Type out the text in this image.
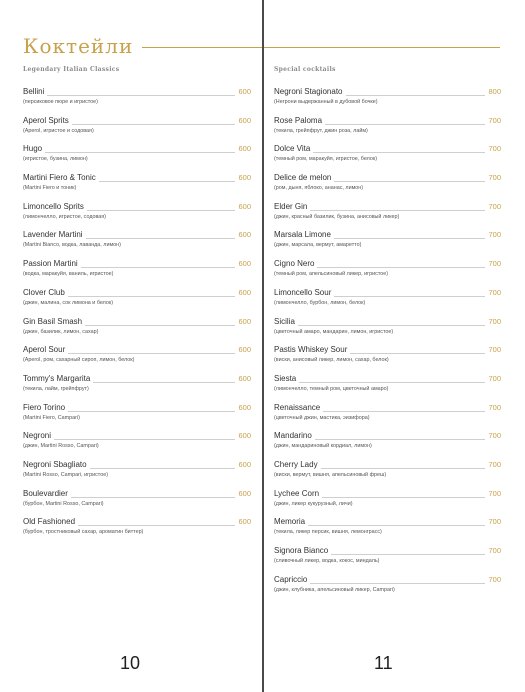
Коктейли
Legendary Italian Classics
Bellini	600
(персиковое пюре и игристое)
Aperol Sprits	600
(Aperol, игристое и содовая)
Hugo	600
(игристое, бузина, лимон)
Martini Fiero & Tonic	600
(Martini Fiero и тоник)
Limoncello Sprits	600
(лимончелло, игристое, содовая)
Lavender Martini	600
(Martini Bianco, водка, лаванда, лимон)
Passion Martini	600
(водка, маракуйя, ваниль, игристое)
Clover Club	600
(джин, малина, сок лимона и белок)
Gin Basil Smash	600
(джин, базилик, лимон, сахар)
Aperol Sour	600
(Aperol, ром, сахарный сироп, лимон, белок)
Tommy's Margarita	600
(текила, лайм, грейпфрут)
Fiero Torino	600
(Martini Fiero, Campari)
Negroni	600
(джин, Martini Rosso, Campari)
Negroni Sbagliato	600
(Martini Rosso, Campari, игристое)
Boulevardier	600
(бурбон, Martini Rosso, Campari)
Old Fashioned	600
(бурбон, тростниковый сахар, ароматин биттер)
10
Special cocktails
Negroni Stagionato	800
(Негрони выдержанный в дубовой бочке)
Rose Paloma	700
(текила, грейпфрут, джин роза, лайм)
Dolce Vita	700
(темный ром, маракуйя, игристое, белок)
Delice de melon	700
(ром, дыня, яблоко, ананас, лимон)
Elder Gin	700
(джин, красный базилик, бузина, анисовый ликер)
Marsala Limone	700
(джин, марсала, вермут, амаретто)
Cigno Nero	700
(темный ром, апельсиновый ликер, игристое)
Limoncello Sour	700
(лимончелло, бурбон, лимон, белок)
Sicilia	700
(цветочный амаро, мандарин, лимон, игристое)
Pastis Whiskey Sour	700
(виски, анисовый ликер, лимон, сахар, белок)
Siesta	700
(лимончелло, темный ром, цветочный амаро)
Renaissance	700
(цветочный джин, мастика, эизифора)
Mandarino	700
(джин, мандариновый кордиал, лимон)
Cherry Lady	700
(виски, вермут, вишня, апельсиновый фреш)
Lychee Corn	700
(джин, ликер кукурузный, личи)
Memoria	700
(текила, ликер персик, вишня, лемонграсс)
Signora Bianco	700
(сливочный ликер, водка, кокос, миндаль)
Capriccio	700
(джин, клубника, апельсиновый ликер, Campari)
11
